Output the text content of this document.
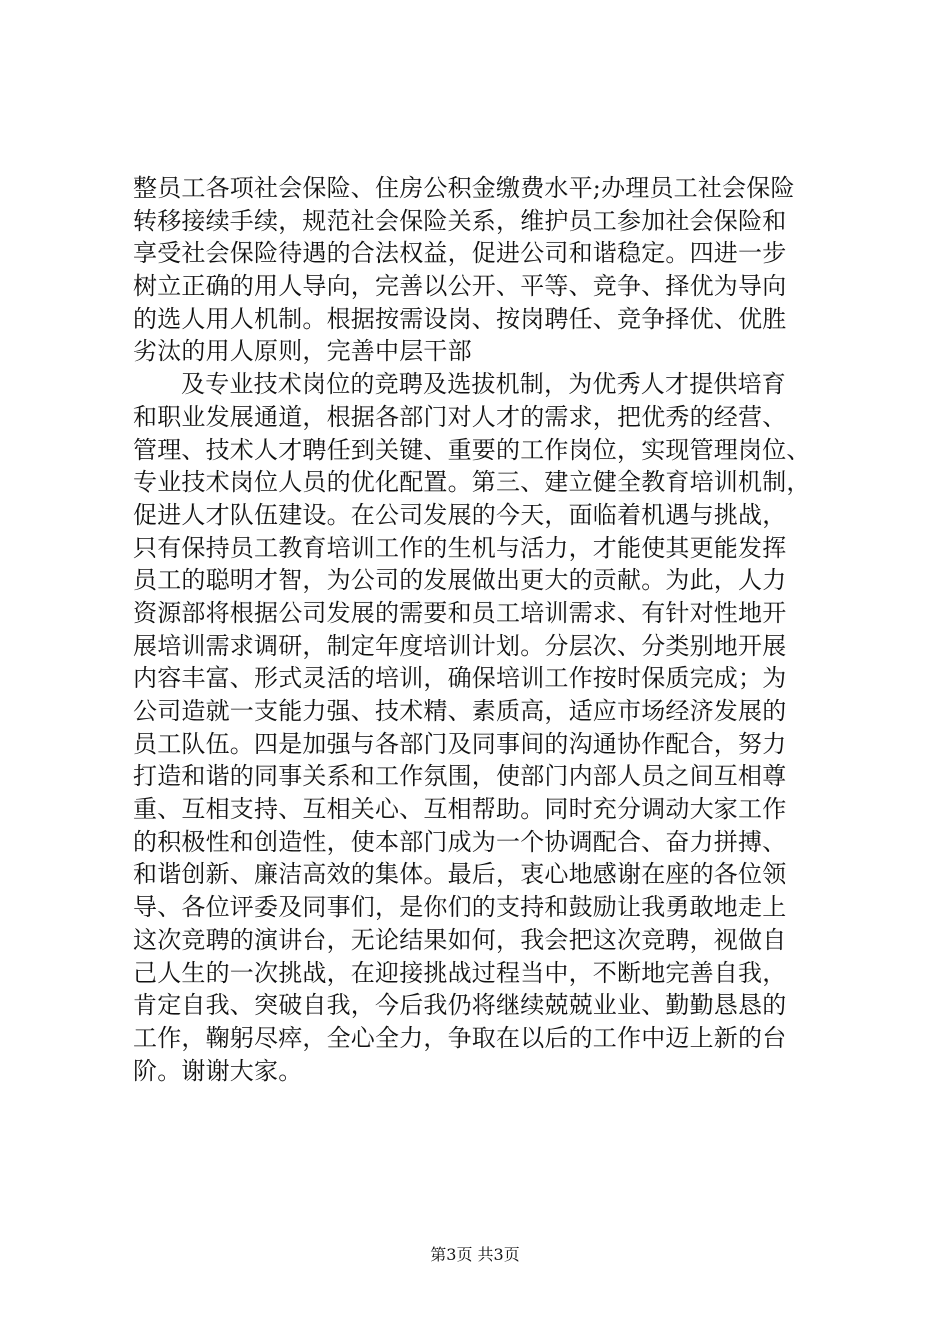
整员工各项社会保险、住房公积金缴费水平;办理员工社会保险
转移接续手续，规范社会保险关系，维护员工参加社会保险和
享受社会保险待遇的合法权益，促进公司和谐稳定。四进一步
树立正确的用人导向，完善以公开、平等、竞争、择优为导向
的选人用人机制。根据按需设岗、按岗聘任、竞争择优、优胜
劣汰的用人原则，完善中层干部
及专业技术岗位的竞聘及选拔机制，为优秀人才提供培育
和职业发展通道，根据各部门对人才的需求，把优秀的经营、
管理、技术人才聘任到关键、重要的工作岗位，实现管理岗位、
专业技术岗位人员的优化配置。第三、建立健全教育培训机制，
促进人才队伍建设。在公司发展的今天，面临着机遇与挑战，
只有保持员工教育培训工作的生机与活力，才能使其更能发挥
员工的聪明才智，为公司的发展做出更大的贡献。为此，人力
资源部将根据公司发展的需要和员工培训需求、有针对性地开
展培训需求调研，制定年度培训计划。分层次、分类别地开展
内容丰富、形式灵活的培训，确保培训工作按时保质完成；为
公司造就一支能力强、技术精、素质高，适应市场经济发展的
员工队伍。四是加强与各部门及同事间的沟通协作配合，努力
打造和谐的同事关系和工作氛围，使部门内部人员之间互相尊
重、互相支持、互相关心、互相帮助。同时充分调动大家工作
的积极性和创造性，使本部门成为一个协调配合、奋力拼搏、
和谐创新、廉洁高效的集体。最后，衷心地感谢在座的各位领
导、各位评委及同事们，是你们的支持和鼓励让我勇敢地走上
这次竞聘的演讲台，无论结果如何，我会把这次竞聘，视做自
己人生的一次挑战，在迎接挑战过程当中，不断地完善自我，
肯定自我、突破自我，今后我仍将继续兢兢业业、勤勤恳恳的
工作，鞠躬尽瘁，全心全力，争取在以后的工作中迈上新的台
阶。谢谢大家。
第3页 共3页
